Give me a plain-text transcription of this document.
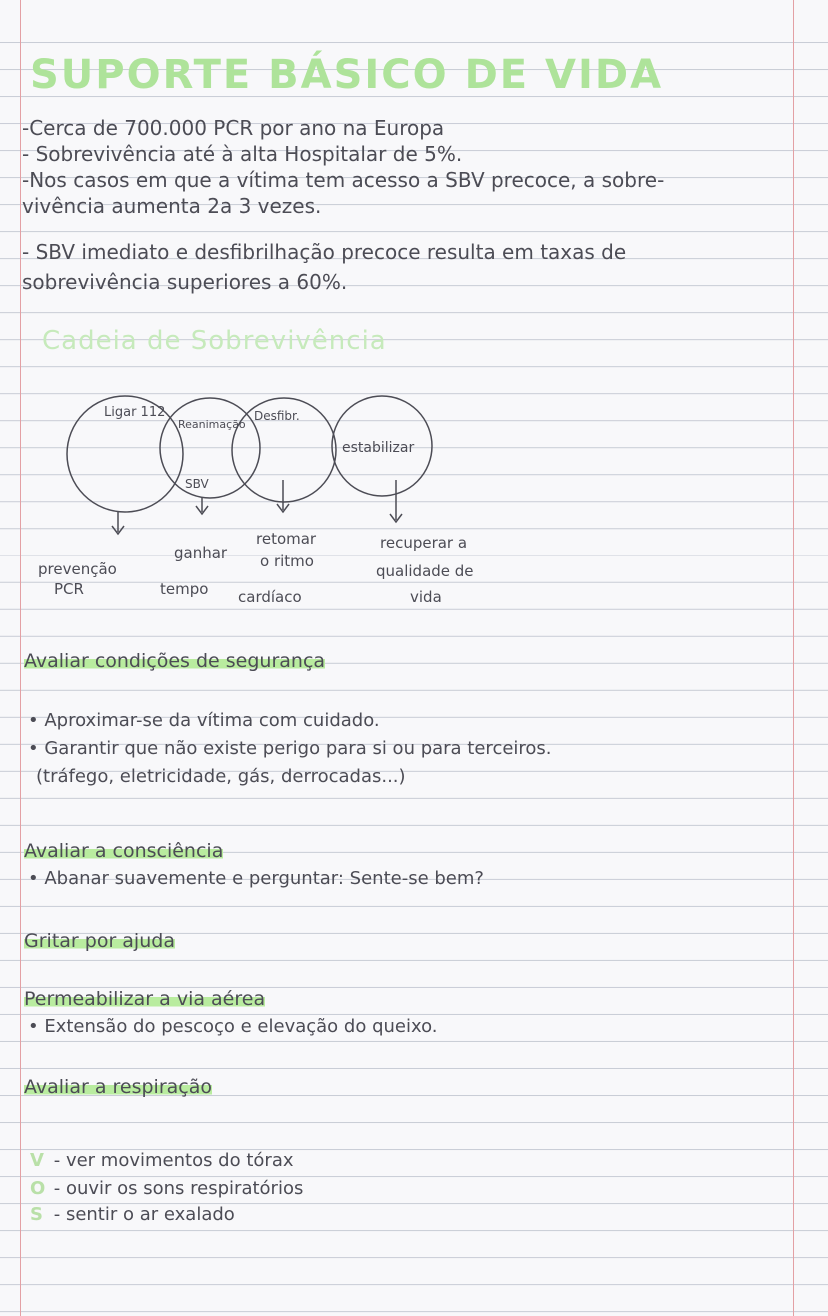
SUPORTE BÁSICO DE VIDA
-Cerca de 700.000 PCR por ano na Europa
- Sobrevivência até à alta Hospitalar de 5%.
-Nos casos em que a vítima tem acesso a SBV precoce, a sobre-
vivência aumenta 2a 3 vezes.
- SBV imediato e desfibrilhação precoce resulta em taxas de
sobrevivência superiores a 60%.
Cadeia de Sobrevivência
Ligar 112
Reanimação
SBV
Desfibr.
estabilizar
prevenção
PCR
ganhar
tempo
retomar
o ritmo
cardíaco
recuperar a
qualidade de
vida
Avaliar condições de segurança
• Aproximar-se da vítima com cuidado.
• Garantir que não existe perigo para si ou para terceiros.
(tráfego, eletricidade, gás, derrocadas...)
Avaliar a consciência
• Abanar suavemente e perguntar: Sente-se bem?
Gritar por ajuda
Permeabilizar a via aérea
• Extensão do pescoço e elevação do queixo.
Avaliar a respiração
V - ver movimentos do tórax
O - ouvir os sons respiratórios
S - sentir o ar exalado
